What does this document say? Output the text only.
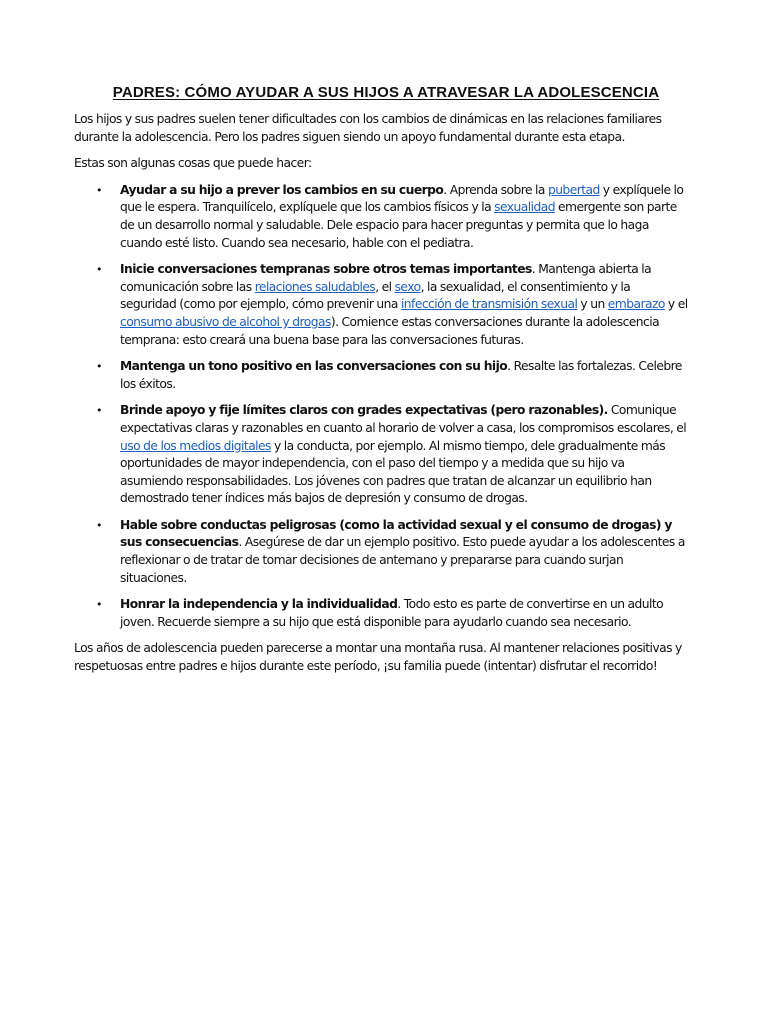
PADRES: CÓMO AYUDAR A SUS HIJOS A ATRAVESAR LA ADOLESCENCIA

Los hijos y sus padres suelen tener dificultades con los cambios de dinámicas en las relaciones familiares durante la adolescencia. Pero los padres siguen siendo un apoyo fundamental durante esta etapa.

Estas son algunas cosas que puede hacer:

• Ayudar a su hijo a prever los cambios en su cuerpo. Aprenda sobre la pubertad y explíquele lo que le espera. Tranquilícelo, explíquele que los cambios físicos y la sexualidad emergente son parte de un desarrollo normal y saludable. Dele espacio para hacer preguntas y permita que lo haga cuando esté listo. Cuando sea necesario, hable con el pediatra.
• Inicie conversaciones tempranas sobre otros temas importantes. Mantenga abierta la comunicación sobre las relaciones saludables, el sexo, la sexualidad, el consentimiento y la seguridad (como por ejemplo, cómo prevenir una infección de transmisión sexual y un embarazo y el consumo abusivo de alcohol y drogas). Comience estas conversaciones durante la adolescencia temprana: esto creará una buena base para las conversaciones futuras.
• Mantenga un tono positivo en las conversaciones con su hijo. Resalte las fortalezas. Celebre los éxitos.
• Brinde apoyo y fije límites claros con grades expectativas (pero razonables). Comunique expectativas claras y razonables en cuanto al horario de volver a casa, los compromisos escolares, el uso de los medios digitales y la conducta, por ejemplo. Al mismo tiempo, dele gradualmente más oportunidades de mayor independencia, con el paso del tiempo y a medida que su hijo va asumiendo responsabilidades. Los jóvenes con padres que tratan de alcanzar un equilibrio han demostrado tener índices más bajos de depresión y consumo de drogas.
• Hable sobre conductas peligrosas (como la actividad sexual y el consumo de drogas) y sus consecuencias. Asegúrese de dar un ejemplo positivo. Esto puede ayudar a los adolescentes a reflexionar o de tratar de tomar decisiones de antemano y prepararse para cuando surjan situaciones.
• Honrar la independencia y la individualidad. Todo esto es parte de convertirse en un adulto joven. Recuerde siempre a su hijo que está disponible para ayudarlo cuando sea necesario.

Los años de adolescencia pueden parecerse a montar una montaña rusa. Al mantener relaciones positivas y respetuosas entre padres e hijos durante este período, ¡su familia puede (intentar) disfrutar el recorrido!
